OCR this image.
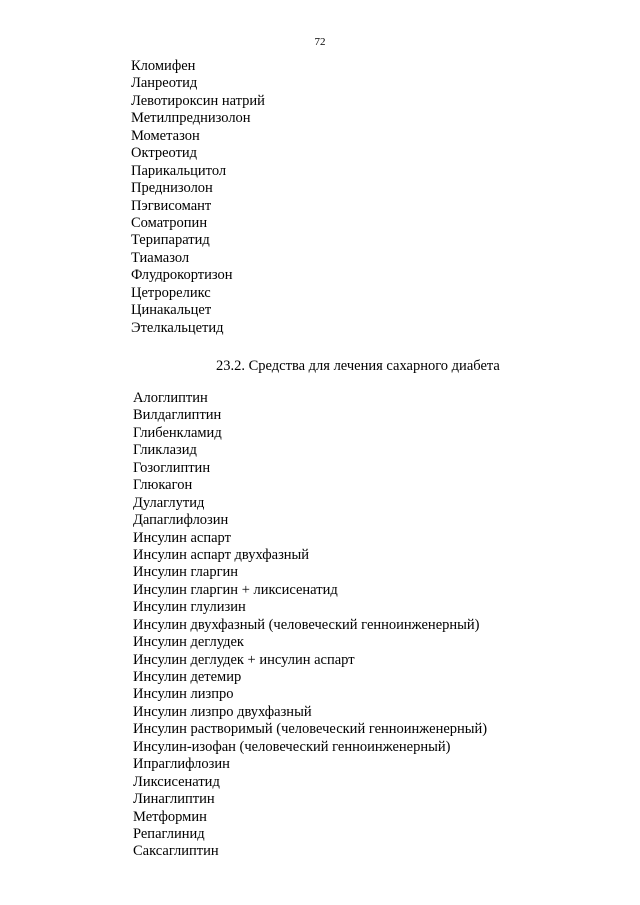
72
Кломифен
Ланреотид
Левотироксин натрий
Метилпреднизолон
Мометазон
Октреотид
Парикальцитол
Преднизолон
Пэгвисомант
Соматропин
Терипаратид
Тиамазол
Флудрокортизон
Цетрореликс
Цинакальцет
Этелкальцетид
23.2. Средства для лечения сахарного диабета
Алоглиптин
Вилдаглиптин
Глибенкламид
Гликлазид
Гозоглиптин
Глюкагон
Дулаглутид
Дапаглифлозин
Инсулин аспарт
Инсулин аспарт двухфазный
Инсулин гларгин
Инсулин гларгин + ликсисенатид
Инсулин глулизин
Инсулин двухфазный (человеческий генноинженерный)
Инсулин деглудек
Инсулин деглудек + инсулин аспарт
Инсулин детемир
Инсулин лизпро
Инсулин лизпро двухфазный
Инсулин растворимый (человеческий генноинженерный)
Инсулин-изофан (человеческий генноинженерный)
Ипраглифлозин
Ликсисенатид
Линаглиптин
Метформин
Репаглинид
Саксаглиптин
